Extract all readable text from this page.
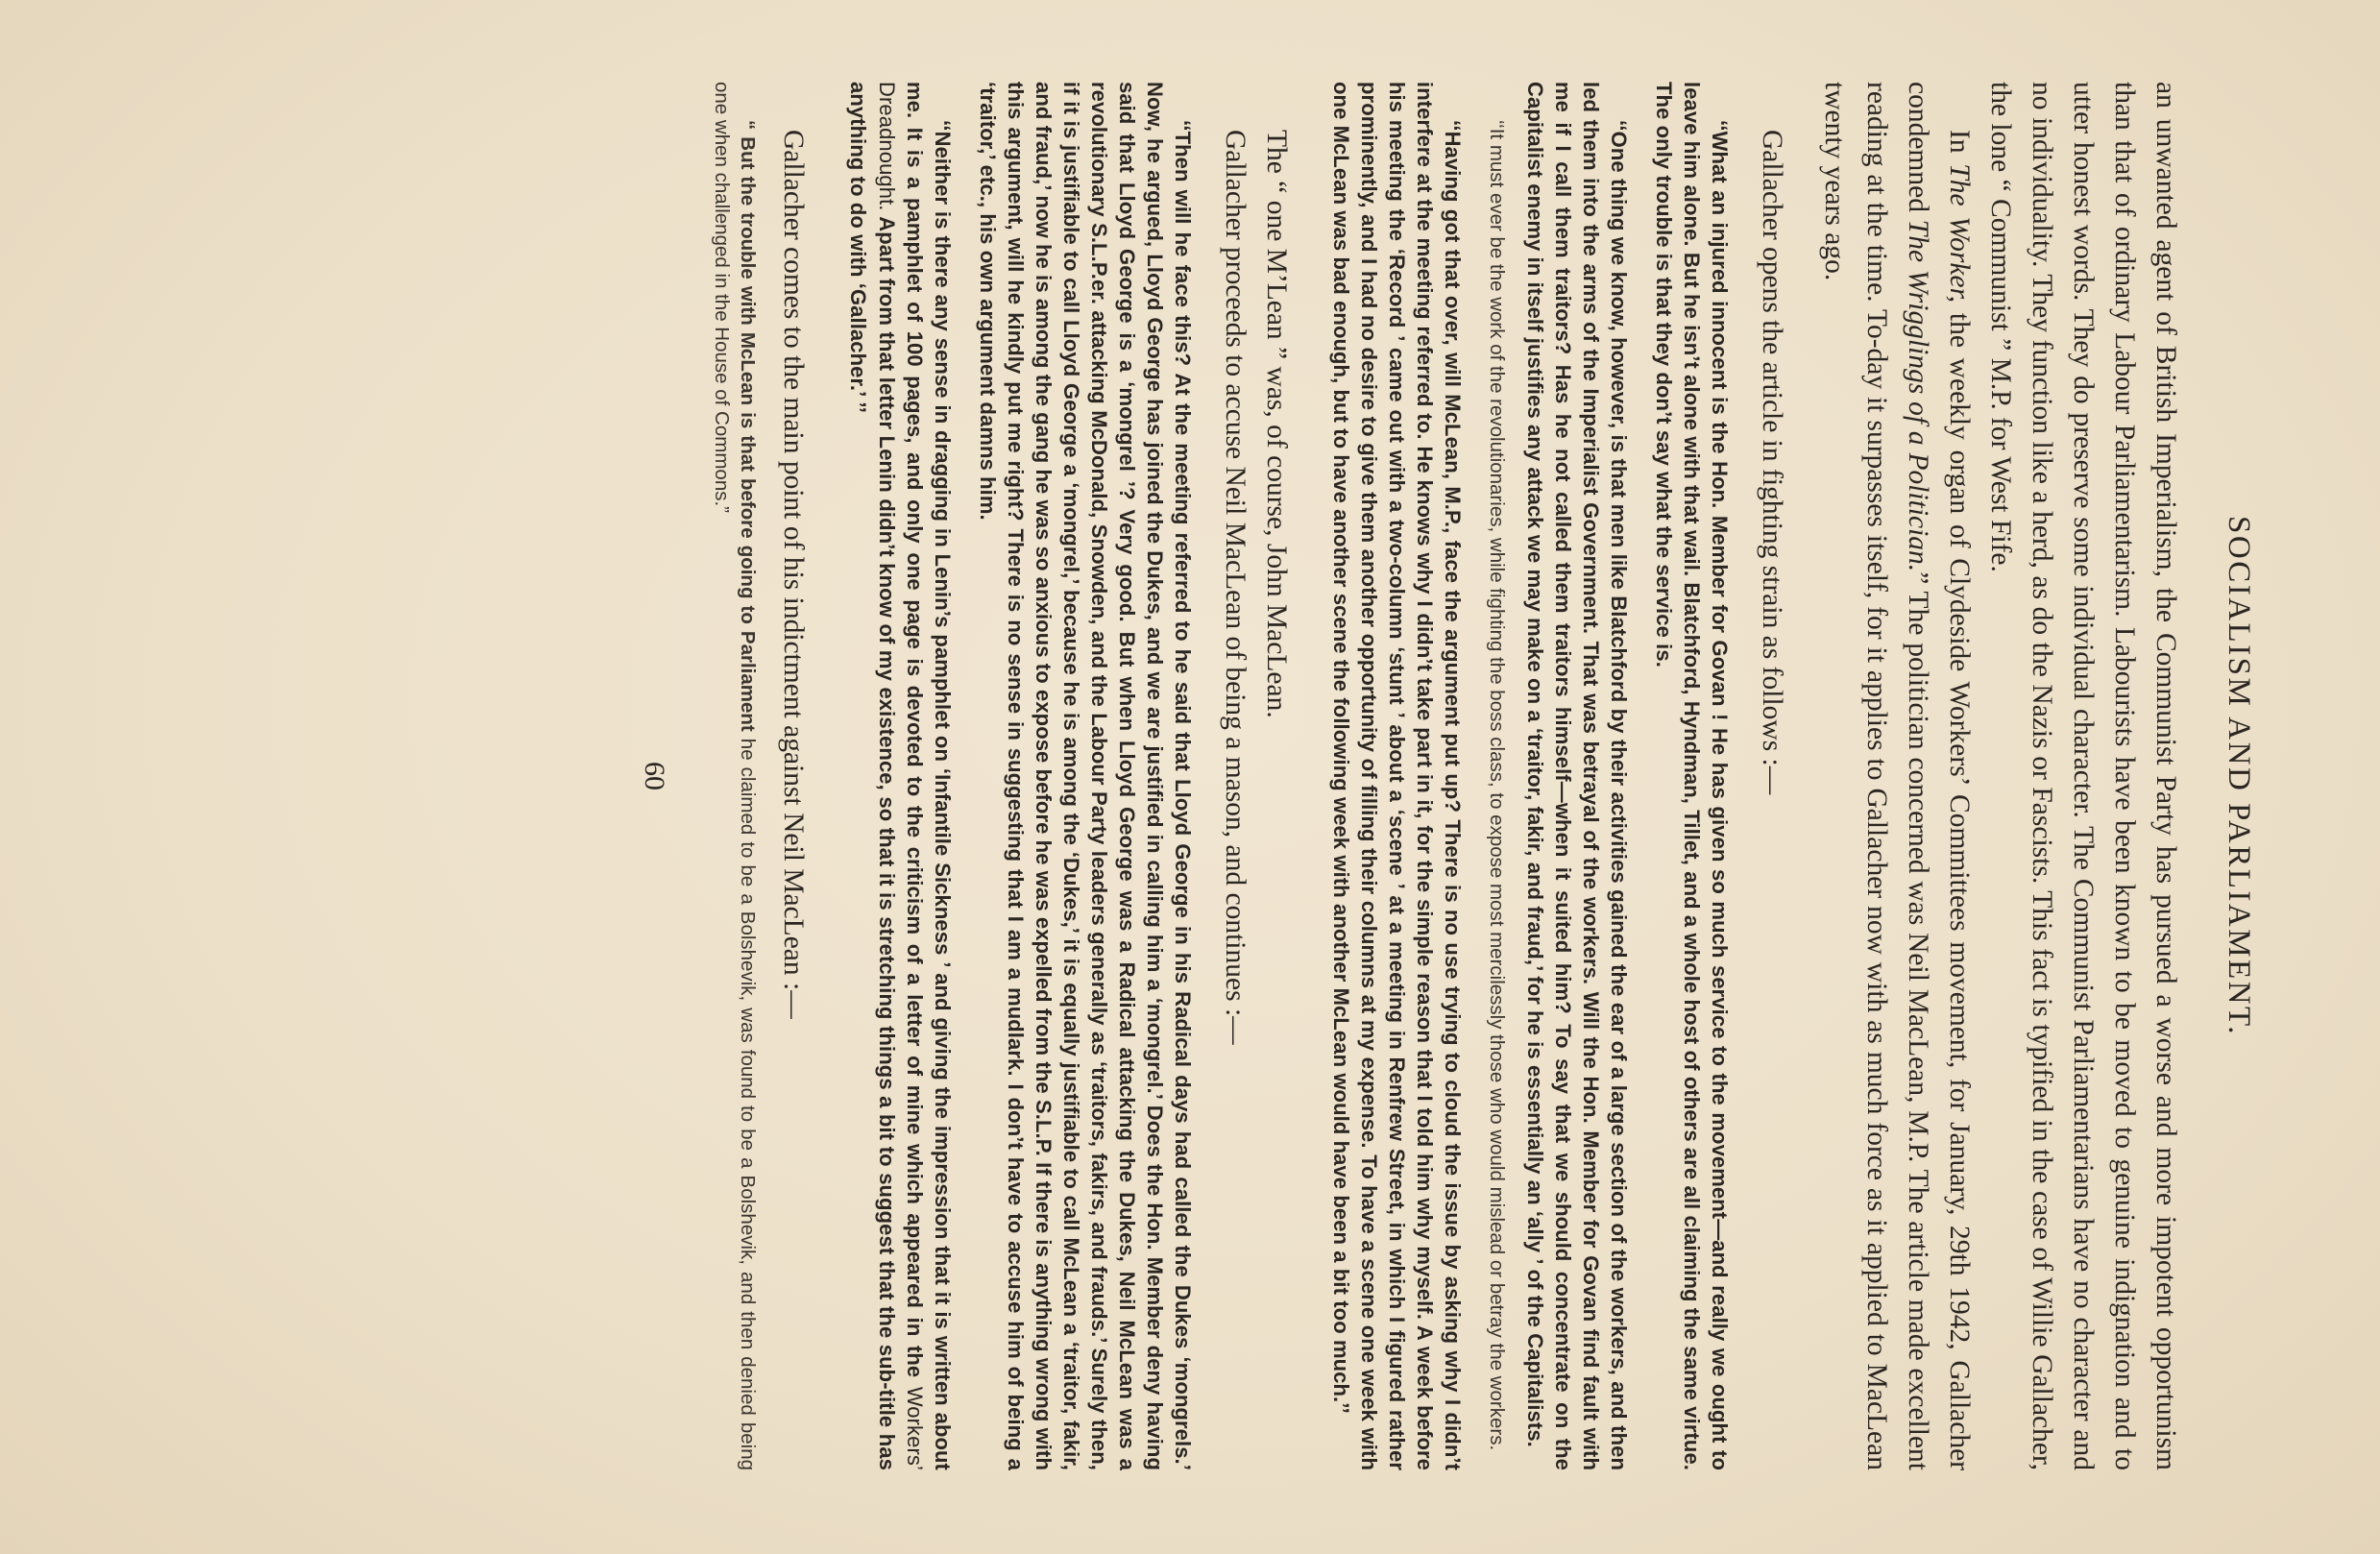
SOCIALISM AND PARLIAMENT.

an unwanted agent of British Imperialism, the Communist Party has pursued a worse and more impotent opportunism than that of ordinary Labour Parliamentarism. Labourists have been known to be moved to genuine indignation and to utter honest words. They do preserve some individual character. The Communist Parliamentarians have no character and no individuality. They function like a herd, as do the Nazis or Fascists. This fact is typified in the case of Willie Gallacher, the lone “ Communist ” M.P. for West Fife.

In The Worker, the weekly organ of Clydeside Workers’ Committees movement, for January, 29th 1942, Gallacher condemned The Wrigglings of a Politician.” The politician concerned was Neil MacLean, M.P. The article made excellent reading at the time. To-day it surpasses itself, for it applies to Gallacher now with as much force as it applied to MacLean twenty years ago.

Gallacher opens the article in fighting strain as follows :—

‘‘What an injured innocent is the Hon. Member for Govan ! He has given so much service to the movement—and really we ought to leave him alone. But he isn’t alone with that wail. Blatchford, Hyndman, Tillet, and a whole host of others are all claiming the same virtue. The only trouble is that they don’t say what the service is.

‘‘One thing we know, however, is that men like Blatchford by their activities gained the ear of a large section of the workers, and then led them into the arms of the Imperialist Government. That was betrayal of the workers. Will the Hon. Member for Govan find fault with me if I call them traitors? Has he not called them traitors himself—when it suited him? To say that we should concentrate on the Capitalist enemy in itself justifies any attack we may make on a ‘traitor, fakir, and fraud,’ for he is essentially an ‘ally ’ of the Capitalists.

‘‘It must ever be the work of the revolutionaries, while fighting the boss class, to expose most mercilessly those who would mislead or betray the workers.

‘‘Having got that over, will McLean, M.P., face the argument put up? There is no use trying to cloud the issue by asking why I didn’t interfere at the meeting referred to. He knows why I didn’t take part in it, for the simple reason that I told him why myself. A week before his meeting the ‘Record ’ came out with a two-column ‘stunt ’ about a ‘scene ’ at a meeting in Renfrew Street, in which I figured rather prominently, and I had no desire to give them another opportunity of filling their columns at my expense. To have a scene one week with one McLean was bad enough, but to have another scene the following week with another McLean would have been a bit too much.’’

The “ one M’Lean ” was, of course, John MacLean.

Gallacher proceeds to accuse Neil MacLean of being a mason, and continues :—

‘‘Then will he face this? At the meeting referred to he said that Lloyd George in his Radical days had called the Dukes ‘mongrels.’ Now, he argued, Lloyd George has joined the Dukes, and we are justified in calling him a ‘mongrel.’ Does the Hon. Member deny having said that Lloyd George is a ‘mongrel ’? Very good. But when Lloyd George was a Radical attacking the Dukes, Neil McLean was a revolutionary S.L.P.er. attacking McDonald, Snowden, and the Labour Party leaders generally as ‘traitors, fakirs, and frauds.’ Surely then, if it is justifiable to call Lloyd George a ‘mongrel,’ because he is among the ‘Dukes,’ it is equally justifiable to call McLean a ‘traitor, fakir, and fraud,’ now he is among the gang he was so anxious to expose before he was expelled from the S.L.P. If there is anything wrong with this argument, will he kindly put me right? There is no sense in suggesting that I am a mudlark. I don’t have to accuse him of being a ‘traitor,’ etc., his own argument damns him.

‘‘Neither is there any sense in dragging in Lenin’s pamphlet on ‘Infantile Sickness ’ and giving the impression that it is written about me. It is a pamphlet of 100 pages, and only one page is devoted to the criticism of a letter of mine which appeared in the Workers’ Dreadnought. Apart from that letter Lenin didn’t know of my existence, so that it is stretching things a bit to suggest that the sub-title has anything to do with ‘Gallacher.’ ’’

Gallacher comes to the main point of his indictment against Neil MacLean :—

“ But the trouble with McLean is that before going to Parliament he claimed to be a Bolshevik, was found to be a Bolshevik, and then denied being one when challenged in the House of Commons.”

60
